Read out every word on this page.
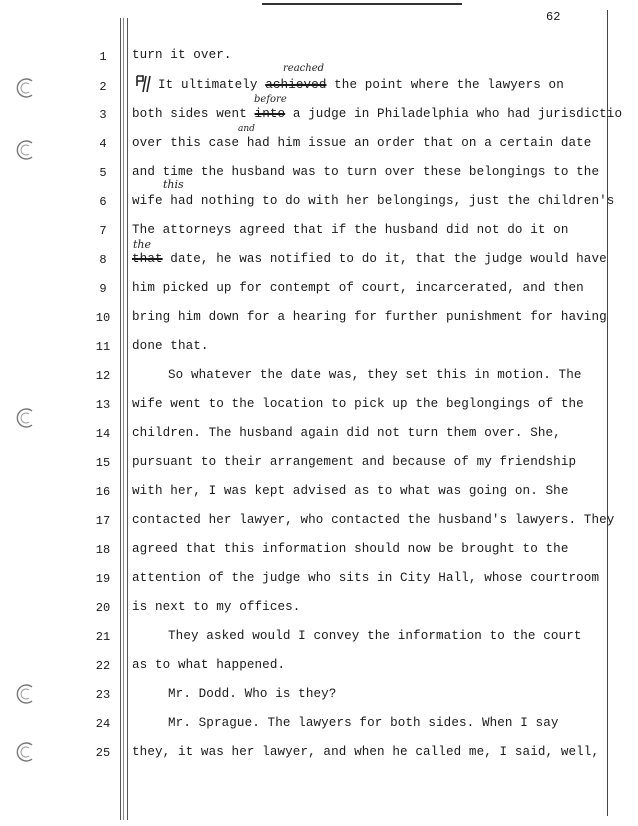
62
1
2
3
4
5
6
7
8
9
10
11
12
13
14
15
16
17
18
19
20
21
22
23
24
25
turn it over.
It ultimately achieved the point where the lawyers on
both sides went into a judge in Philadelphia who had jurisdictio
over this case had him issue an order that on a certain date
and time the husband was to turn over these belongings to the
wife had nothing to do with her belongings, just the children's
The attorneys agreed that if the husband did not do it on
that date, he was notified to do it, that the judge would have
him picked up for contempt of court, incarcerated, and then
bring him down for a hearing for further punishment for having
done that.
So whatever the date was, they set this in motion. The
wife went to the location to pick up the beglongings of the
children. The husband again did not turn them over. She,
pursuant to their arrangement and because of my friendship
with her, I was kept advised as to what was going on. She
contacted her lawyer, who contacted the husband's lawyers. They
agreed that this information should now be brought to the
attention of the judge who sits in City Hall, whose courtroom
is next to my offices.
They asked would I convey the information to the court
as to what happened.
Mr. Dodd. Who is they?
Mr. Sprague. The lawyers for both sides. When I say
they, it was her lawyer, and when he called me, I said, well,
reached
before
and
this
the
